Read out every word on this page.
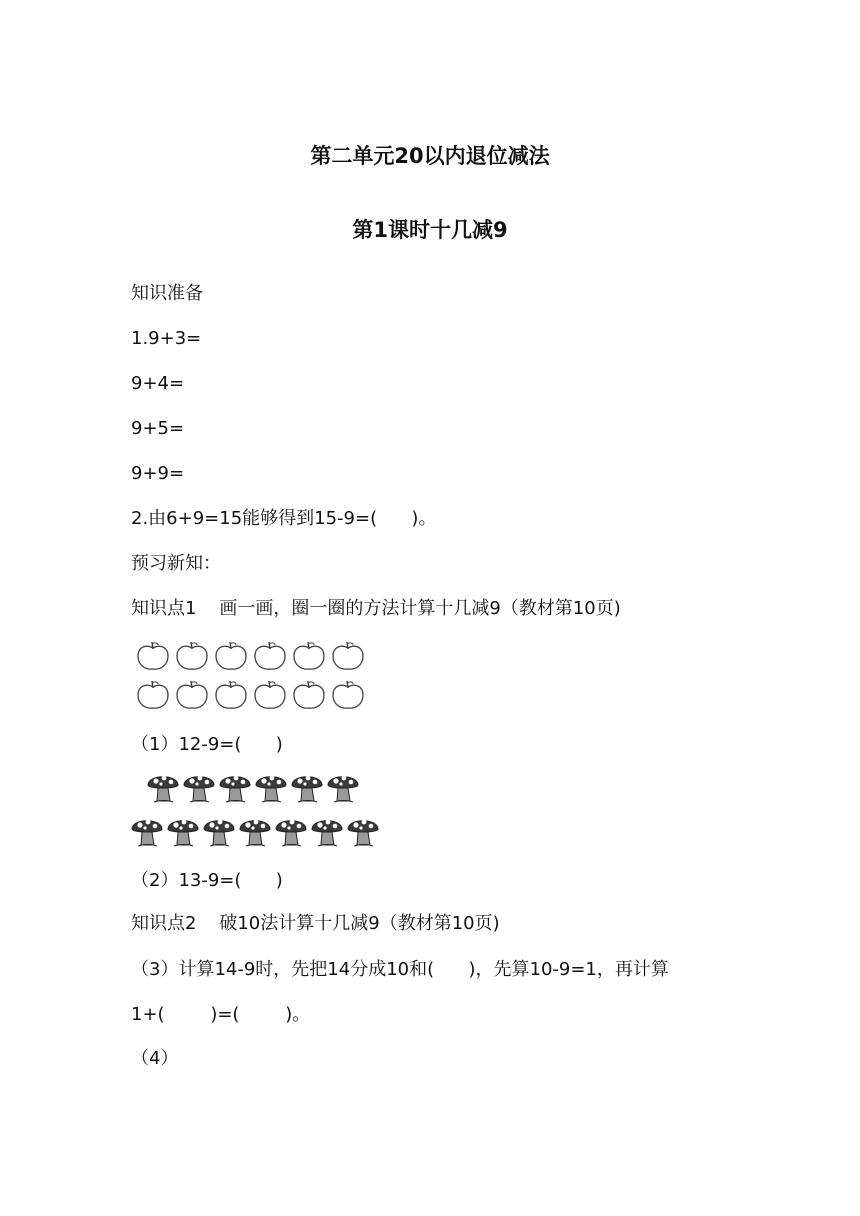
第二单元20以内退位减法
第1课时十几减9
知识准备
1.9+3=
9+4=
9+5=
9+9=
2.由6+9=15能够得到15-9=(      )。
预习新知：
知识点1    画一画，圈一圈的方法计算十几减9（教材第10页)
（1）12-9=(      )
（2）13-9=(      )
知识点2    破10法计算十几减9（教材第10页)
（3）计算14-9时，先把14分成10和(      )，先算10-9=1，再计算
1+(        )=(        )。
（4）
